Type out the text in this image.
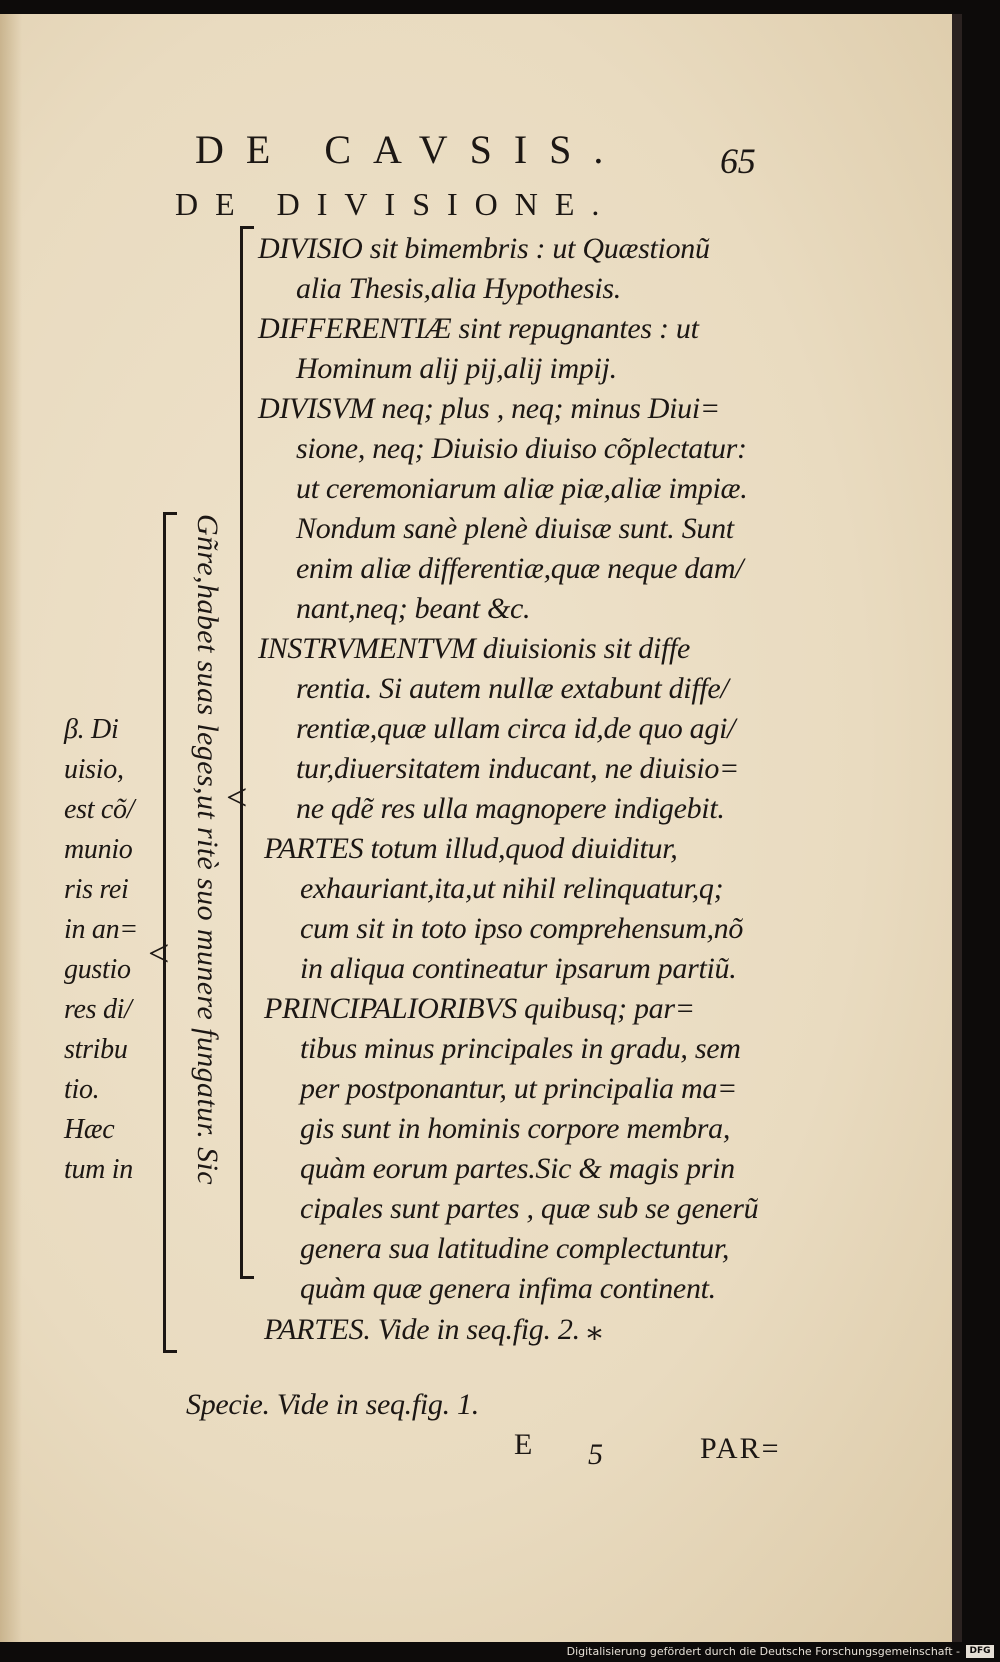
DE CAVSIS.	65
DE DIVISIONE.
<
<
DIVISIO sit bimembris : ut Quæstionũ
alia Thesis,alia Hypothesis.
DIFFERENTIÆ sint repugnantes : ut
Hominum alij pij,alij impij.
DIVISVM neq; plus , neq; minus Diui=
sione, neq; Diuisio diuiso cõplectatur:
ut ceremoniarum aliæ piæ,aliæ impiæ.
Nondum sanè plenè diuisæ sunt. Sunt
enim aliæ differentiæ,quæ neque dam/
nant,neq; beant &c.
INSTRVMENTVM diuisionis sit diffe
rentia. Si autem nullæ extabunt diffe/
rentiæ,quæ ullam circa id,de quo agi/
tur,diuersitatem inducant, ne diuisio=
ne qdẽ res ulla magnopere indigebit.
PARTES totum illud,quod diuiditur,
exhauriant,ita,ut nihil relinquatur,q;
cum sit in toto ipso comprehensum,nõ
in aliqua contineatur ipsarum partiũ.
PRINCIPALIORIBVS quibusq; par=
tibus minus principales in gradu, sem
per postponantur, ut principalia ma=
gis sunt in hominis corpore membra,
quàm eorum partes.Sic & magis prin
cipales sunt partes , quæ sub se generũ
genera sua latitudine complectuntur,
quàm quæ genera infima continent.
PARTES. Vide in seq.fig. 2. ⁎
Gñre,habet suas leges,ut ritè suo munere fungatur. Sic
β. Di
uisio,
est cõ/
munio
ris rei
in an=
gustio
res di/
stribu
tio.
Hæc
tum in
Specie. Vide in seq.fig. 1.
E 5	PAR=
Digitalisierung gefördert durch die Deutsche Forschungsgemeinschaft -	DFG
